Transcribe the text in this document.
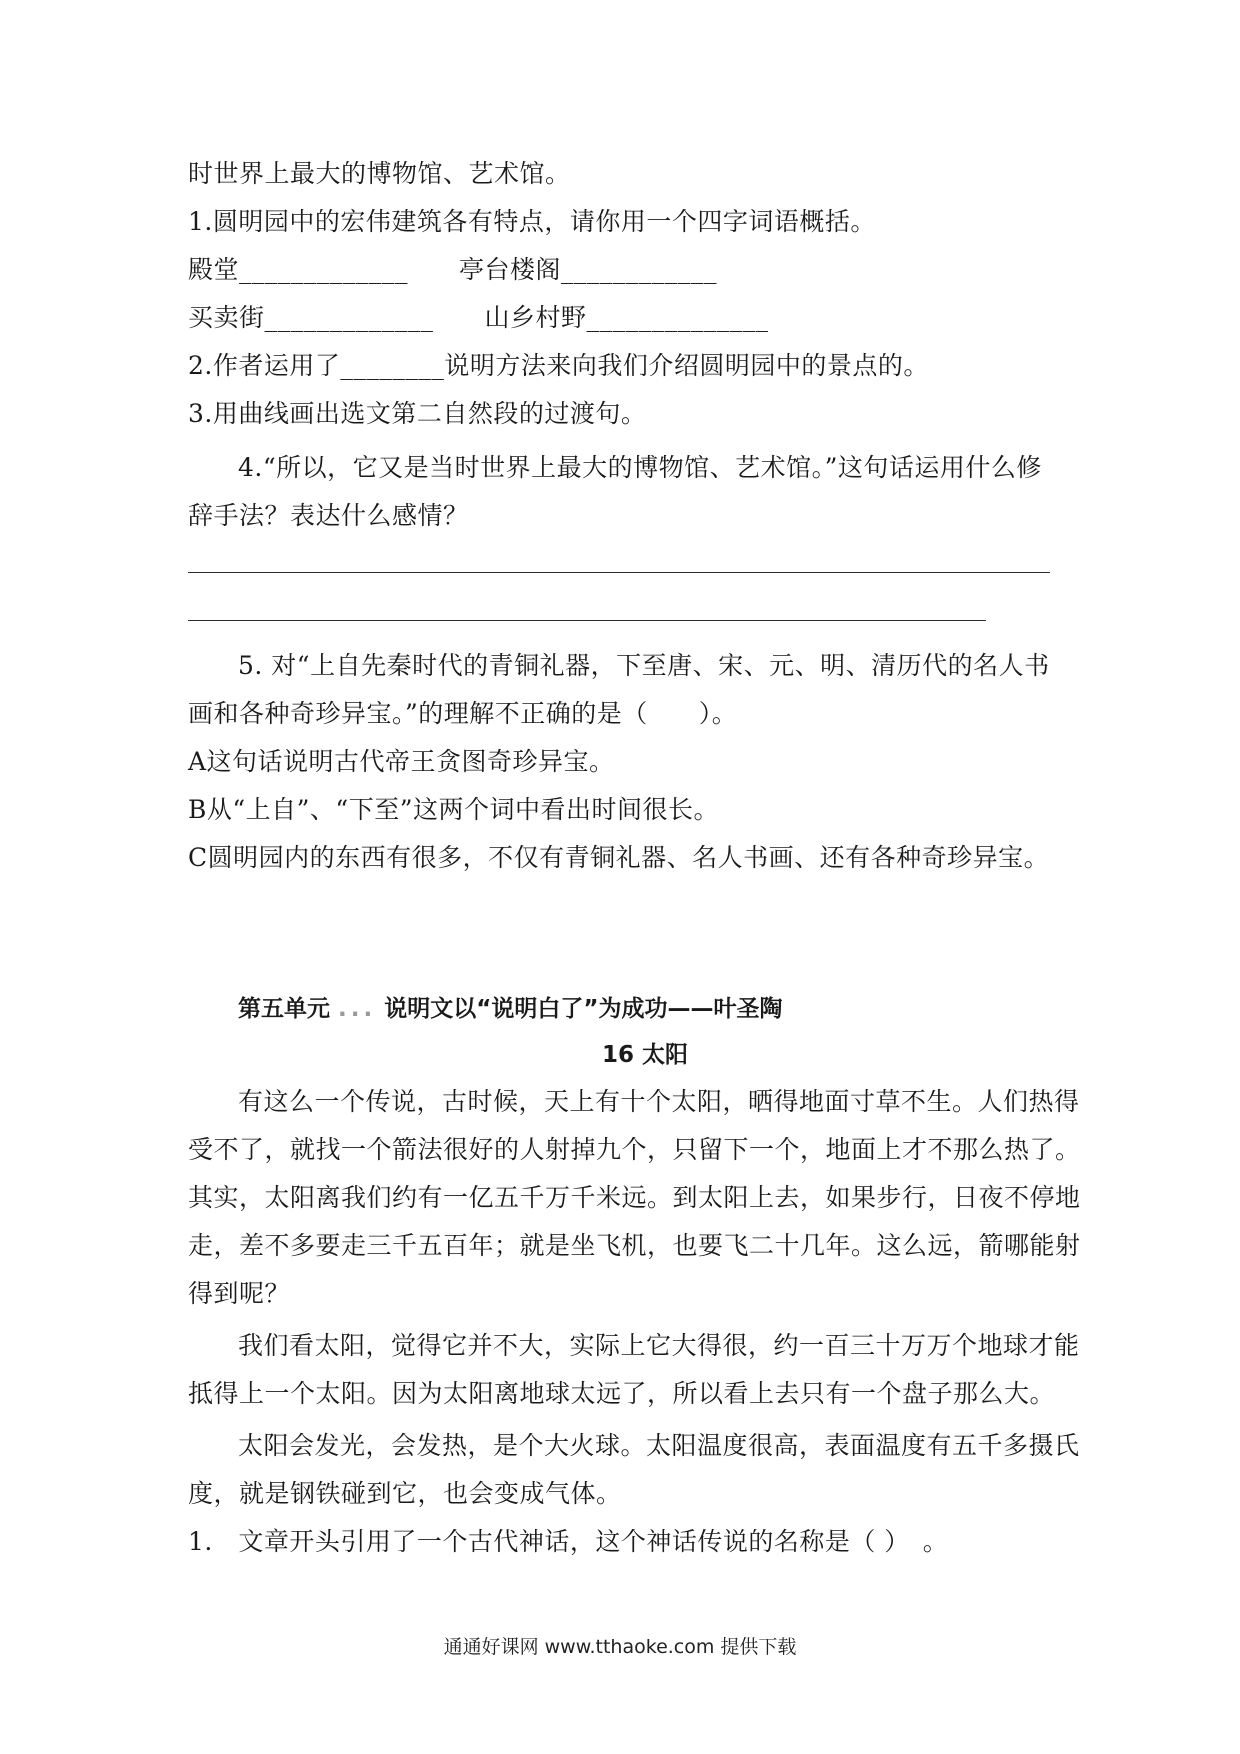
时世界上最大的博物馆、艺术馆。
1.圆明园中的宏伟建筑各有特点，请你用一个四字词语概括。
殿堂_____________　　亭台楼阁____________
买卖街_____________　　山乡村野______________
2.作者运用了________说明方法来向我们介绍圆明园中的景点的。
3.用曲线画出选文第二自然段的过渡句。
4.“所以，它又是当时世界上最大的博物馆、艺术馆。”这句话运用什么修
辞手法？表达什么感情？
5. 对“上自先秦时代的青铜礼器，下至唐、宋、元、明、清历代的名人书
画和各种奇珍异宝。”的理解不正确的是（　　）。
A这句话说明古代帝王贪图奇珍异宝。
B从“上自”、“下至”这两个词中看出时间很长。
C圆明园内的东西有很多，不仅有青铜礼器、名人书画、还有各种奇珍异宝。
第五单元 ... 说明文以“说明白了”为成功——叶圣陶
16 太阳
有这么一个传说，古时候，天上有十个太阳，晒得地面寸草不生。人们热得
受不了，就找一个箭法很好的人射掉九个，只留下一个，地面上才不那么热了。
其实，太阳离我们约有一亿五千万千米远。到太阳上去，如果步行，日夜不停地
走，差不多要走三千五百年；就是坐飞机，也要飞二十几年。这么远，箭哪能射
得到呢？
我们看太阳，觉得它并不大，实际上它大得很，约一百三十万万个地球才能
抵得上一个太阳。因为太阳离地球太远了，所以看上去只有一个盘子那么大。
太阳会发光，会发热，是个大火球。太阳温度很高，表面温度有五千多摄氏
度，就是钢铁碰到它，也会变成气体。
1.　文章开头引用了一个古代神话，这个神话传说的名称是（ ）　。
通通好课网 www.tthaoke.com 提供下载
